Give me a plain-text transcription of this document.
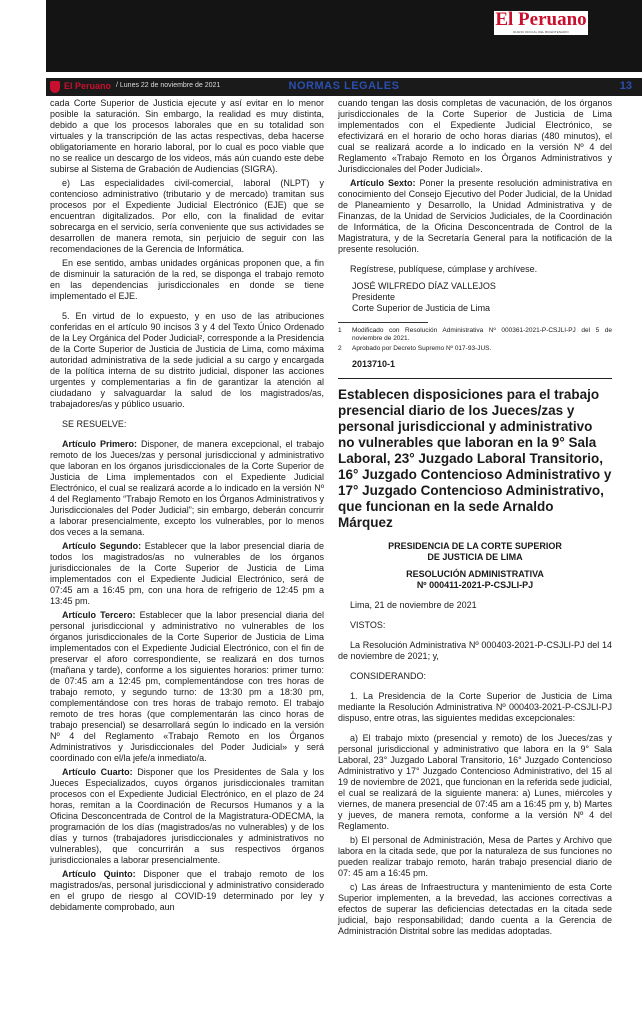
El Peruano
DIARIO OFICIAL DEL BICENTENARIO
El Peruano / Lunes 22 de noviembre de 2021	NORMAS LEGALES	13

cada Corte Superior de Justicia ejecute y así evitar en lo menor posible la saturación. Sin embargo, la realidad es muy distinta, debido a que los procesos laborales que en su totalidad son virtuales y la transcripción de las actas respectivas, deba hacerse obligatoriamente en horario laboral, por lo cual es poco viable que no se realice un descargo de los videos, más aún cuando este debe subirse al Sistema de Grabación de Audiencias (SIGRA).

e) Las especialidades civil-comercial, laboral (NLPT) y contencioso administrativo (tributario y de mercado) tramitan sus procesos por el Expediente Judicial Electrónico (EJE) que se encuentran digitalizados. Por ello, con la finalidad de evitar sobrecarga en el servicio, sería conveniente que sus actividades se desarrollen de manera remota, sin perjuicio de seguir con las recomendaciones de la Gerencia de Informática.

En ese sentido, ambas unidades orgánicas proponen que, a fin de disminuir la saturación de la red, se disponga el trabajo remoto en las dependencias jurisdiccionales en donde se tiene implementado el EJE.

5. En virtud de lo expuesto, y en uso de las atribuciones conferidas en el artículo 90 incisos 3 y 4 del Texto Único Ordenado de la Ley Orgánica del Poder Judicial², corresponde a la Presidencia de la Corte Superior de Justicia de Justicia de Lima, como máxima autoridad administrativa de la sede judicial a su cargo y encargada de la política interna de su distrito judicial, disponer las acciones urgentes y complementarias a fin de garantizar la atención al ciudadano y salvaguardar la salud de los magistrados/as, trabajadores/as y público usuario.

SE RESUELVE:

Artículo Primero: Disponer, de manera excepcional, el trabajo remoto de los Jueces/zas y personal jurisdiccional y administrativo que laboran en los órganos jurisdiccionales de la Corte Superior de Justicia de Lima implementados con el Expediente Judicial Electrónico, el cual se realizará acorde a lo indicado en la versión Nº 4 del Reglamento “Trabajo Remoto en los Órganos Administrativos y Jurisdiccionales del Poder Judicial”; sin embargo, deberán concurrir a laborar presencialmente, excepto los vulnerables, por lo menos dos veces a la semana.

Artículo Segundo: Establecer que la labor presencial diaria de todos los magistrados/as no vulnerables de los órganos jurisdiccionales de la Corte Superior de Justicia de Lima implementados con el Expediente Judicial Electrónico, será de 07:45 am a 16:45 pm, con una hora de refrigerio de 12:45 pm a 13:45 pm.

Artículo Tercero: Establecer que la labor presencial diaria del personal jurisdiccional y administrativo no vulnerables de los órganos jurisdiccionales de la Corte Superior de Justicia de Lima implementados con el Expediente Judicial Electrónico, con el fin de preservar el aforo correspondiente, se realizará en dos turnos (mañana y tarde), conforme a los siguientes horarios: primer turno: de 07:45 am a 12:45 pm, complementándose con tres horas de trabajo remoto, y segundo turno: de 13:30 pm a 18:30 pm, complementándose con tres horas de trabajo remoto. El trabajo remoto de tres horas (que complementarán las cinco horas de trabajo presencial) se desarrollará según lo indicado en la versión Nº 4 del Reglamento «Trabajo Remoto en los Órganos Administrativos y Jurisdiccionales del Poder Judicial» y será coordinado con el/la jefe/a inmediato/a.

Artículo Cuarto: Disponer que los Presidentes de Sala y los Jueces Especializados, cuyos órganos jurisdiccionales tramitan procesos con el Expediente Judicial Electrónico, en el plazo de 24 horas, remitan a la Coordinación de Recursos Humanos y a la Oficina Desconcentrada de Control de la Magistratura-ODECMA, la programación de los días (magistrados/as no vulnerables) y de los días y turnos (trabajadores jurisdiccionales y administrativos no vulnerables), que concurrirán a sus respectivos órganos jurisdiccionales a laborar presencialmente.

Artículo Quinto: Disponer que el trabajo remoto de los magistrados/as, personal jurisdiccional y administrativo considerado en el grupo de riesgo al COVID-19 determinado por ley y debidamente comprobado, aun

cuando tengan las dosis completas de vacunación, de los órganos jurisdiccionales de la Corte Superior de Justicia de Lima implementados con el Expediente Judicial Electrónico, se efectivizará en el horario de ocho horas diarias (480 minutos), el cual se realizará acorde a lo indicado en la versión Nº 4 del Reglamento «Trabajo Remoto en los Órganos Administrativos y Jurisdiccionales del Poder Judicial».

Artículo Sexto: Poner la presente resolución administrativa en conocimiento del Consejo Ejecutivo del Poder Judicial, de la Unidad de Planeamiento y Desarrollo, la Unidad Administrativa y de Finanzas, de la Unidad de Servicios Judiciales, de la Coordinación de Informática, de la Oficina Desconcentrada de Control de la Magistratura, y de la Secretaría General para la notificación de la presente resolución.

Regístrese, publíquese, cúmplase y archívese.

JOSÉ WILFREDO DÍAZ VALLEJOS
Presidente
Corte Superior de Justicia de Lima
1	Modificado con Resolución Administrativa Nº 000361-2021-P-CSJLI-PJ del 5 de noviembre de 2021.
2	Aprobado por Decreto Supremo Nº 017-93-JUS.
2013710-1
Establecen disposiciones para el trabajo presencial diario de los Jueces/zas y personal jurisdiccional y administrativo no vulnerables que laboran en la 9° Sala Laboral, 23° Juzgado Laboral Transitorio, 16° Juzgado Contencioso Administrativo y 17° Juzgado Contencioso Administrativo, que funcionan en la sede Arnaldo Márquez
PRESIDENCIA DE LA CORTE SUPERIOR
DE JUSTICIA DE LIMA
RESOLUCIÓN ADMINISTRATIVA
Nº 000411-2021-P-CSJLI-PJ

Lima, 21 de noviembre de 2021

VISTOS:

La Resolución Administrativa Nº 000403-2021-P-CSJLI-PJ del 14 de noviembre de 2021; y,

CONSIDERANDO:

1. La Presidencia de la Corte Superior de Justicia de Lima mediante la Resolución Administrativa Nº 000403-2021-P-CSJLI-PJ dispuso, entre otras, las siguientes medidas excepcionales:

a) El trabajo mixto (presencial y remoto) de los Jueces/zas y personal jurisdiccional y administrativo que labora en la 9° Sala Laboral, 23° Juzgado Laboral Transitorio, 16° Juzgado Contencioso Administrativo y 17° Juzgado Contencioso Administrativo, del 15 al 19 de noviembre de 2021, que funcionan en la referida sede judicial, el cual se realizará de la siguiente manera: a) Lunes, miércoles y viernes, de manera presencial de 07:45 am a 16:45 pm y, b) Martes y jueves, de manera remota, conforme a la versión Nº 4 del Reglamento.

b) El personal de Administración, Mesa de Partes y Archivo que labora en la citada sede, que por la naturaleza de sus funciones no pueden realizar trabajo remoto, harán trabajo presencial diario de 07: 45 am a 16:45 pm.

c) Las áreas de Infraestructura y mantenimiento de esta Corte Superior implementen, a la brevedad, las acciones correctivas a efectos de superar las deficiencias detectadas en la citada sede judicial, bajo responsabilidad; dando cuenta a la Gerencia de Administración Distrital sobre las medidas adoptadas.
